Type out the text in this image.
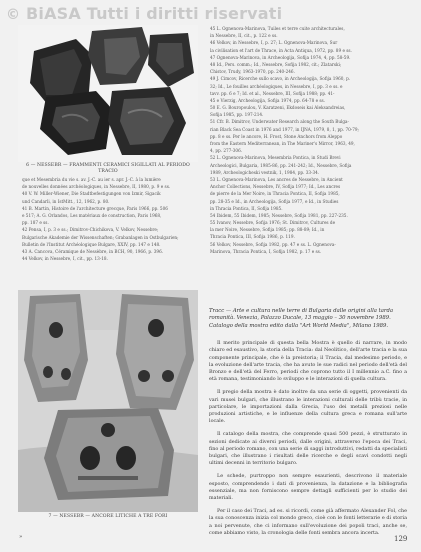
© BiASA Tutti i diritti riservati
6 — NESSEBR — FRAMMENTI CERAMICI SIGILLATI AL PERIODO TRACIO

que et Mesembria du vie s. av. J.-C. au ier s. apr. J.-C. à la lumière

de nouvelles données archéologiques, in Nessebre, II, 1980, p. 9 e ss.

40 V. W. Miller-Wiener, Die Stadtbefestigungen von Izmir, Sigacik

und Candarli, in IstMitt., 12, 1962, p. 80.

41 B. Martin, Histoire de l'architecture grecque, Paris 1966, pp. 506

e 517; A. G. Orlandos, Les matériaux de construction, Paris 1968,

pp. 187 e ss.

42 Pensa, I, p. 3 e ss.; Dimitrov-Chichikova, V. Velkov, Nessebre;

Bulgarische Akademie der Wissenschaften; Grabanlagen in Ostbulgarien;

Bulletin de l'Institut Archéologique Bulgare, XXIV, pp. 147 e 148.

43 A. Cancova, Céramique de Nessèbre, in BCH, 90, 1966, p. 396.

44 Velkov, in Nessebre, I, cit., pp. 13-18.

45 L. Ognenova-Marinova, Tuiles et terre cuite architecturales,

in Nessebre, II, cit., p. 122 e ss.

46 Velkov, in Nessebre, I, p. 27; L. Ognenova-Marinova, Sur

la civilisation et l'art de Thrace, in Acta Antiqua, 1972, pp. 89 e ss.

47 Ognenova-Marinova, in Archeologija, Sofija 1974, 4, pp. 58-59.

48 Id., Pers. comm.; Id., Nessebre, Sofija 1982, cit.; Zlatarski;

Chistov, Trudy, 1963-1970, pp. 240-246.

49 J. Cimcov, Ricerche sullo scavo, in Archeologija, Sofija 1960, p.

32; Id., Le fouilles archéologiques, in Nessebre, I, pp. 3 e ss. e

tavv. pp. 6 e 7; Id. et al., Nessebre, III, Sofija 1988; pp. 41-

45 e Vierzig, Archeologija, Sofija 1974, pp. 64-78 e ss.

50 E. G. Bouropoulou, V. Karatzeni, Ekdoseis kai Aleksandreias,

Sofija 1985, pp. 197-214.

51 Cfr. B. Dimitrov, Underwater Research along the South Bulga-

rian Black Sea Coast in 1976 and 1977, in IJNA, 1979, 8, 1, pp. 70-79;

pp. 8 e ss. Per le ancore, H. Frost, Stone Anchors from Aleppo

from the Eastern Mediterranean, in The Mariner's Mirror, 1963, 49,

4, pp. 277-306.

52 L. Ognenova-Marinova, Mesembria Pontica, in Studi Brevi

Archeologici, Bulgaria, 1985-86, pp. 241-242; Id., Nessebre, Sofija

1989, Archeologicheski vestnik, 1, 1984, pp. 33-34.

53 L. Ognenova-Marinova, Les ancres de Nessebre, in Ancient

Anchor Collections, Nessebre, IV, Sofija 1977; Id., Les ancres

de pierre de la Mer Noire, in Thracia Pontica, II, Sofija 1985,

pp. 28-35 e Id., in Archeologija, Sofija 1977, e Id., in Studies

in Thracia Pontica, II, Sofija 1985.

54 Ibidem, 55 Ibidem, 1985; Nessebre, Sofija 1981, pp. 227-235.

55 Ivanov, Nessebre, Sofija 1976; St. Dimitrov, Cultures de

la mer Noire, Nessebre, Sofija 1985; pp. 88-89; Id., in

Thracia Pontica, III, Sofija 1986, p. 119.

56 Velkov, Nessebre, Sofija 1982, pp. 47 e ss. L. Ognenova-

Marinova, Thracia Pontica, I, Sofija 1982, p. 17 e ss.

7 — NESSEBR — ANCORE LITICHE A TRE FORI
Tracc — Arte e cultura nelle terre di Bulgaria dalle origini alla tarda romanità. Venezia, Palazzo Ducale, 13 maggio – 30 novembre 1989. Catalogo della mostra edito dalla "Art World Media", Milano 1989.

Il merito principale di questa bella Mostra è quello di narrare, in modo chiaro ed esaustivo, la storia della Tracia: dal Neolitico, dell'arte tracia e la sua componente principale, che è la preistoria; il Tracia, dal medesimo periodo, e la evoluzione dell'arte tracia, che ha avuto le sue radici nel periodo dell'età del Bronzo e dell'età del Ferro, periodi che coprono tutto il I millennio a.C. fino a età romana, testimoniando lo sviluppo e le interazioni di quella cultura.

Il pregio della mostra è dato inoltre da una serie di oggetti, provenienti da vari musei bulgari, che illustrano le interazioni culturali delle tribù tracie, in particolare, le importazioni dalla Grecia, l'uso dei metalli preziosi nelle produzioni artistiche, e le influenze della cultura greca e romana sull'arte locale.

Il catalogo della mostra, che comprende quasi 500 pezzi, è strutturato in sezioni dedicate ai diversi periodi, dalle origini, attraverso l'epoca dei Traci, fino al periodo romano, con una serie di saggi introduttivi, redatti da specialisti bulgari, che illustrano i risultati delle ricerche e degli scavi condotti negli ultimi decenni in territorio bulgaro.

Le schede, purtroppo non sempre esaurienti, descrivono il materiale esposto, comprendendo i dati di provenienza, la datazione e la bibliografia essenziale, ma non forniscono sempre dettagli sufficienti per lo studio dei materiali.

Per il caso dei Traci, ad es. si ricordi, come già affermato Alexander Fol, che la sua conoscenza inizia col mondo greco, cioè con le fonti letterarie e di storia a noi pervenute, che ci informano sull'evoluzione dei popoli traci, anche se, come abbiamo visto, la cronologia delle fonti sembra ancora incerta.

»	129
